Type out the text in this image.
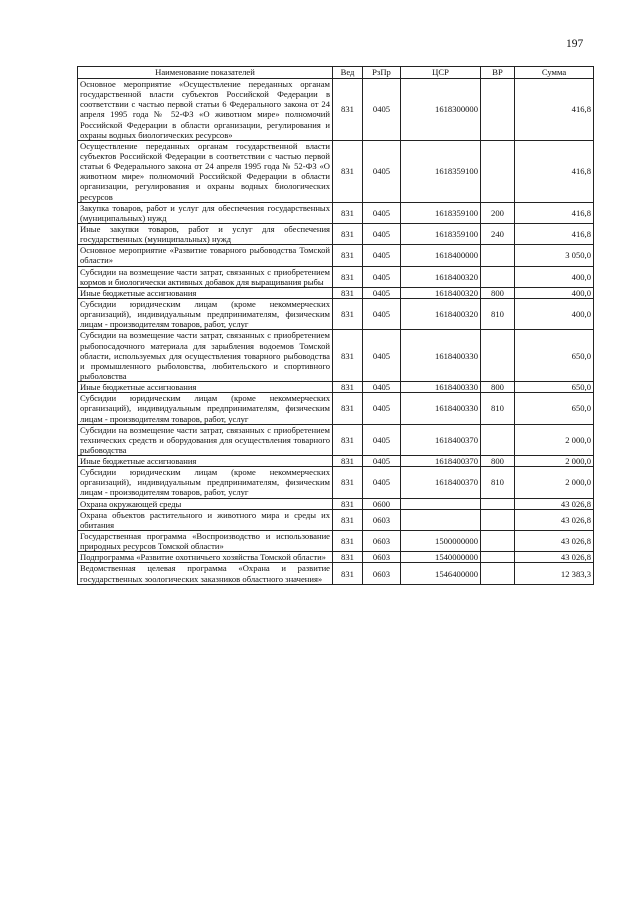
197
Наименование показателей	Вед	РзПр	ЦСР	ВР	Сумма
Основное мероприятие «Осуществление переданных органам государственной власти субъектов Российской Федерации в соответствии с частью первой статьи 6 Федерального закона от 24 апреля 1995 года № 52-ФЗ «О животном мире» полномочий Российской Федерации в области организации, регулирования и охраны водных биологических ресурсов»	831	0405	1618300000		416,8
Осуществление переданных органам государственной власти субъектов Российской Федерации в соответствии с частью первой статьи 6 Федерального закона от 24 апреля 1995 года № 52-ФЗ «О животном мире» полномочий Российской Федерации в области организации, регулирования и охраны водных биологических ресурсов	831	0405	1618359100		416,8
Закупка товаров, работ и услуг для обеспечения государственных (муниципальных) нужд	831	0405	1618359100	200	416,8
Иные закупки товаров, работ и услуг для обеспечения государственных (муниципальных) нужд	831	0405	1618359100	240	416,8
Основное мероприятие «Развитие товарного рыбоводства Томской области»	831	0405	1618400000		3 050,0
Субсидии на возмещение части затрат, связанных с приобретением кормов и биологически активных добавок для выращивания рыбы	831	0405	1618400320		400,0
Иные бюджетные ассигнования	831	0405	1618400320	800	400,0
Субсидии юридическим лицам (кроме некоммерческих организаций), индивидуальным предпринимателям, физическим лицам - производителям товаров, работ, услуг	831	0405	1618400320	810	400,0
Субсидии на возмещение части затрат, связанных с приобретением рыбопосадочного материала для зарыбления водоемов Томской области, используемых для осуществления товарного рыбоводства и промышленного рыболовства, любительского и спортивного рыболовства	831	0405	1618400330		650,0
Иные бюджетные ассигнования	831	0405	1618400330	800	650,0
Субсидии юридическим лицам (кроме некоммерческих организаций), индивидуальным предпринимателям, физическим лицам - производителям товаров, работ, услуг	831	0405	1618400330	810	650,0
Субсидии на возмещение части затрат, связанных с приобретением технических средств и оборудования для осуществления товарного рыбоводства	831	0405	1618400370		2 000,0
Иные бюджетные ассигнования	831	0405	1618400370	800	2 000,0
Субсидии юридическим лицам (кроме некоммерческих организаций), индивидуальным предпринимателям, физическим лицам - производителям товаров, работ, услуг	831	0405	1618400370	810	2 000,0
Охрана окружающей среды	831	0600			43 026,8
Охрана объектов растительного и животного мира и среды их обитания	831	0603			43 026,8
Государственная программа «Воспроизводство и использование природных ресурсов Томской области»	831	0603	1500000000		43 026,8
Подпрограмма «Развитие охотничьего хозяйства Томской области»	831	0603	1540000000		43 026,8
Ведомственная целевая программа «Охрана и развитие государственных зоологических заказников областного значения»	831	0603	1546400000		12 383,3
